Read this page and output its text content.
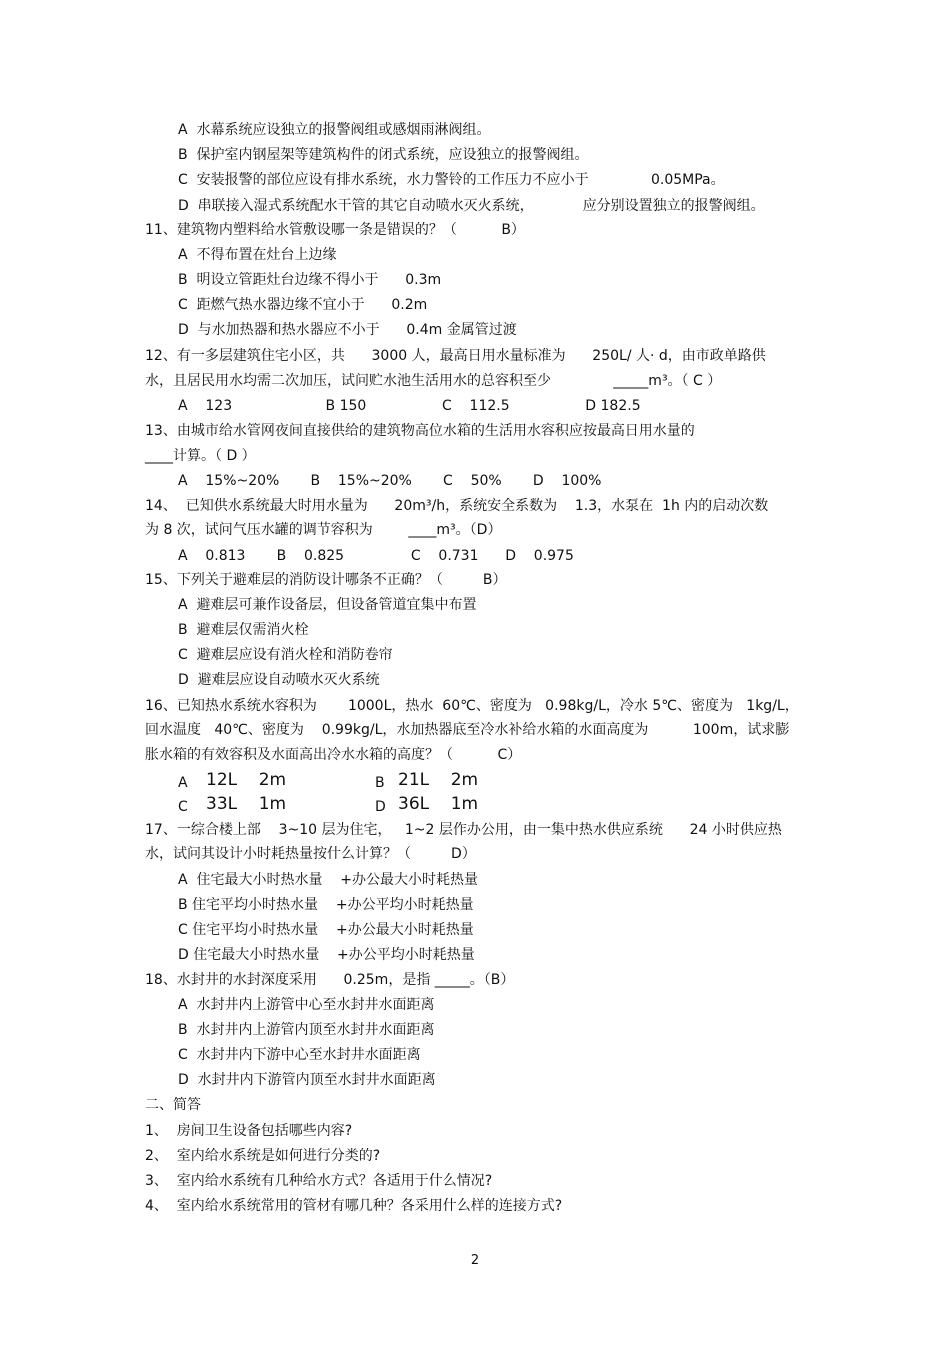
A  水幕系统应设独立的报警阀组或感烟雨淋阀组。
B  保护室内钢屋架等建筑构件的闭式系统，应设独立的报警阀组。
C  安装报警的部位应设有排水系统，水力警铃的工作压力不应小于              0.05MPa。
D  串联接入湿式系统配水干管的其它自动喷水灭火系统，           应分别设置独立的报警阀组。
11、建筑物内塑料给水管敷设哪一条是错误的？（          B）
A  不得布置在灶台上边缘
B  明设立管距灶台边缘不得小于      0.3m
C  距燃气热水器边缘不宜小于      0.2m
D  与水加热器和热水器应不小于      0.4m 金属管过渡
12、有一多层建筑住宅小区，共      3000 人，最高日用水量标准为      250L/ 人· d，由市政单路供
水，且居民用水均需二次加压，试问贮水池生活用水的总容积至少              _____m³。（ C ）
A    123                     B 150                 C    112.5                 D 182.5
13、由城市给水管网夜间直接供给的建筑物高位水箱的生活用水容积应按最高日用水量的
____计算。（ D ）
A    15%~20%       B    15%~20%       C    50%       D    100%
14、  已知供水系统最大时用水量为      20m³/h，系统安全系数为    1.3，水泵在  1h 内的启动次数
为 8 次，试问气压水罐的调节容积为        ____m³。（D）
A    0.813       B    0.825               C    0.731      D    0.975
15、下列关于避难层的消防设计哪条不正确？（         B）
A  避难层可兼作设备层，但设备管道宜集中布置
B  避难层仅需消火栓
C  避难层应设有消火栓和消防卷帘
D  避难层应设自动喷水灭火系统
16、已知热水系统水容积为       1000L，热水  60℃、密度为   0.98kg/L，冷水 5℃、密度为   1kg/L，
回水温度   40℃、密度为    0.99kg/L，水加热器底至冷水补给水箱的水面高度为          100m，试求膨
胀水箱的有效容积及水面高出冷水水箱的高度？（          C）
A 12L    2m	B 21L    2m
C 33L    1m	D 36L    1m
17、一综合楼上部    3~10 层为住宅，   1~2 层作办公用，由一集中热水供应系统      24 小时供应热
水，试问其设计小时耗热量按什么计算？（         D）
A  住宅最大小时热水量    +办公最大小时耗热量
B 住宅平均小时热水量    +办公平均小时耗热量
C 住宅平均小时热水量    +办公最大小时耗热量
D 住宅最大小时热水量    +办公平均小时耗热量
18、水封井的水封深度采用      0.25m，是指 _____。（B）
A  水封井内上游管中心至水封井水面距离
B  水封井内上游管内顶至水封井水面距离
C  水封井内下游中心至水封井水面距离
D  水封井内下游管内顶至水封井水面距离
二、简答
1、  房间卫生设备包括哪些内容?
2、  室内给水系统是如何进行分类的?
3、  室内给水系统有几种给水方式？各适用于什么情况?
4、  室内给水系统常用的管材有哪几种？各采用什么样的连接方式?
2
